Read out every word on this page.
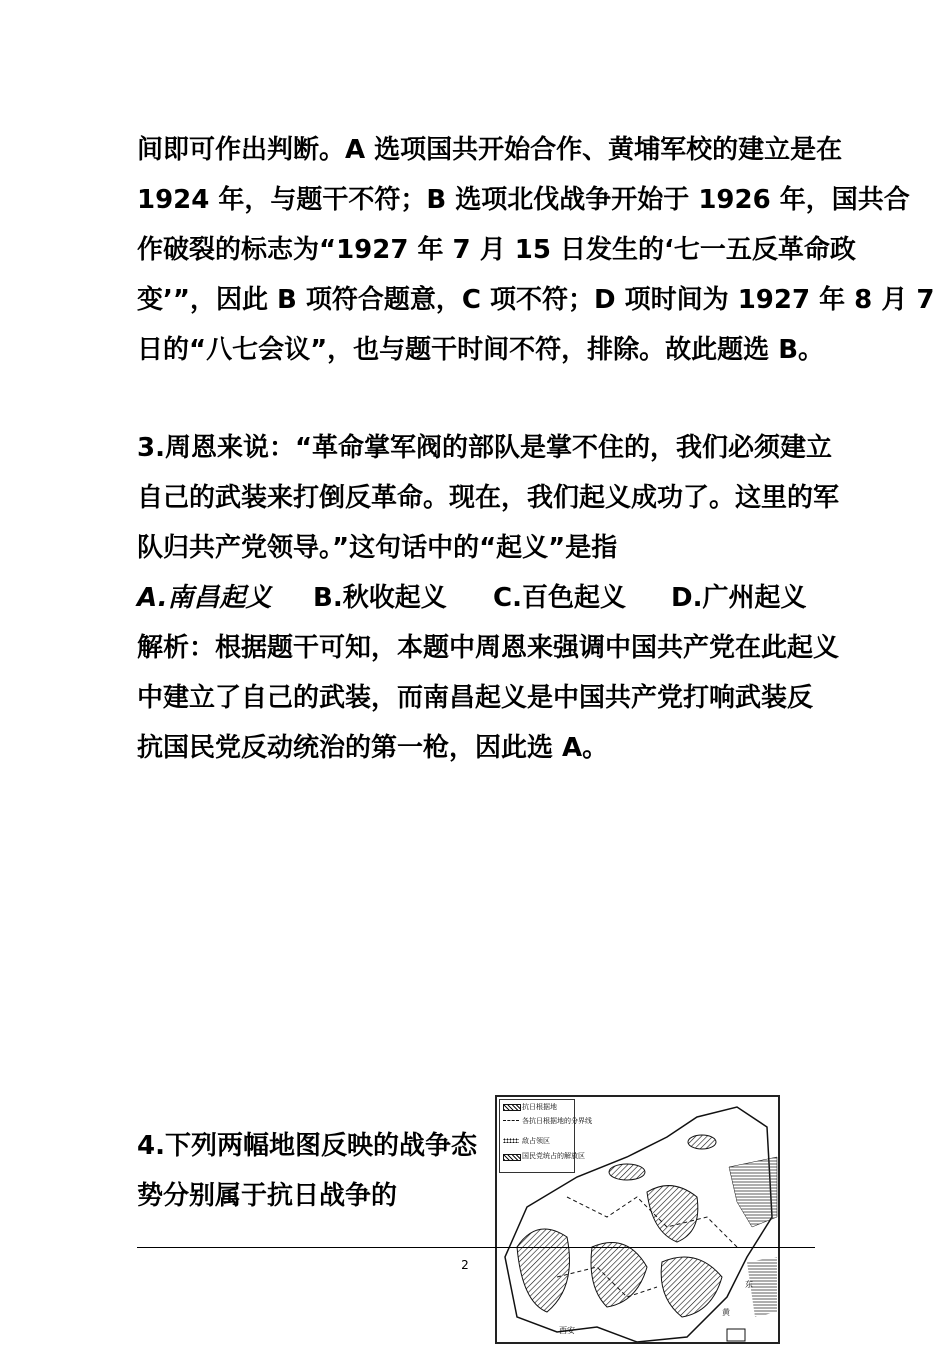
间即可作出判断。A 选项国共开始合作、黄埔军校的建立是在
1924 年，与题干不符；B 选项北伐战争开始于 1926 年，国共合
作破裂的标志为“1927 年 7 月 15 日发生的‘七一五反革命政
变’”，因此 B 项符合题意，C 项不符；D 项时间为 1927 年 8 月 7
日的“八七会议”，也与题干时间不符，排除。故此题选 B。
3.周恩来说：“革命掌军阀的部队是掌不住的，我们必须建立
自己的武装来打倒反革命。现在，我们起义成功了。这里的军
队归共产党领导。”这句话中的“起义”是指
A.南昌起义 B.秋收起义 C.百色起义 D.广州起义
解析：根据题干可知，本题中周恩来强调中国共产党在此起义
中建立了自己的武装，而南昌起义是中国共产党打响武装反
抗国民党反动统治的第一枪，因此选 A。
4.下列两幅地图反映的战争态
势分别属于抗日战争的
抗日根据地
各抗日根据地的分界线
敌占领区
国民党统占的解放区
东
西安
黄
2
